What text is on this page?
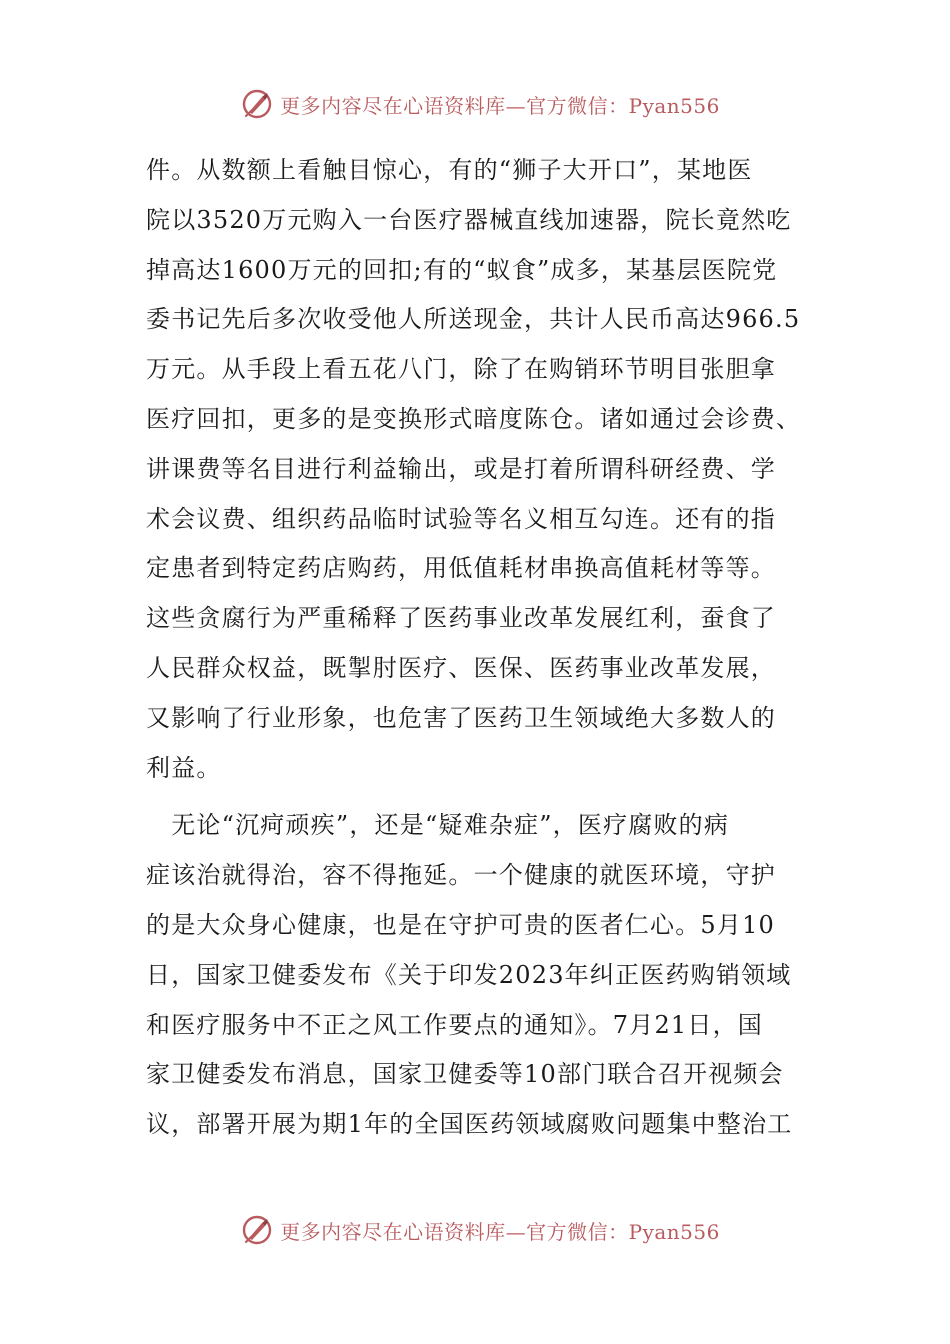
更多内容尽在心语资料库—官方微信：Pyan556
件。从数额上看触目惊心，有的“狮子大开口”，某地医
院以3520万元购入一台医疗器械直线加速器，院长竟然吃
掉高达1600万元的回扣;有的“蚁食”成多，某基层医院党
委书记先后多次收受他人所送现金，共计人民币高达966.5
万元。从手段上看五花八门，除了在购销环节明目张胆拿
医疗回扣，更多的是变换形式暗度陈仓。诸如通过会诊费、
讲课费等名目进行利益输出，或是打着所谓科研经费、学
术会议费、组织药品临时试验等名义相互勾连。还有的指
定患者到特定药店购药，用低值耗材串换高值耗材等等。
这些贪腐行为严重稀释了医药事业改革发展红利，蚕食了
人民群众权益，既掣肘医疗、医保、医药事业改革发展，
又影响了行业形象，也危害了医药卫生领域绝大多数人的
利益。
　无论“沉疴顽疾”，还是“疑难杂症”，医疗腐败的病
症该治就得治，容不得拖延。一个健康的就医环境，守护
的是大众身心健康，也是在守护可贵的医者仁心。5月10
日，国家卫健委发布《关于印发2023年纠正医药购销领域
和医疗服务中不正之风工作要点的通知》。7月21日，国
家卫健委发布消息，国家卫健委等10部门联合召开视频会
议，部署开展为期1年的全国医药领域腐败问题集中整治工
更多内容尽在心语资料库—官方微信：Pyan556
